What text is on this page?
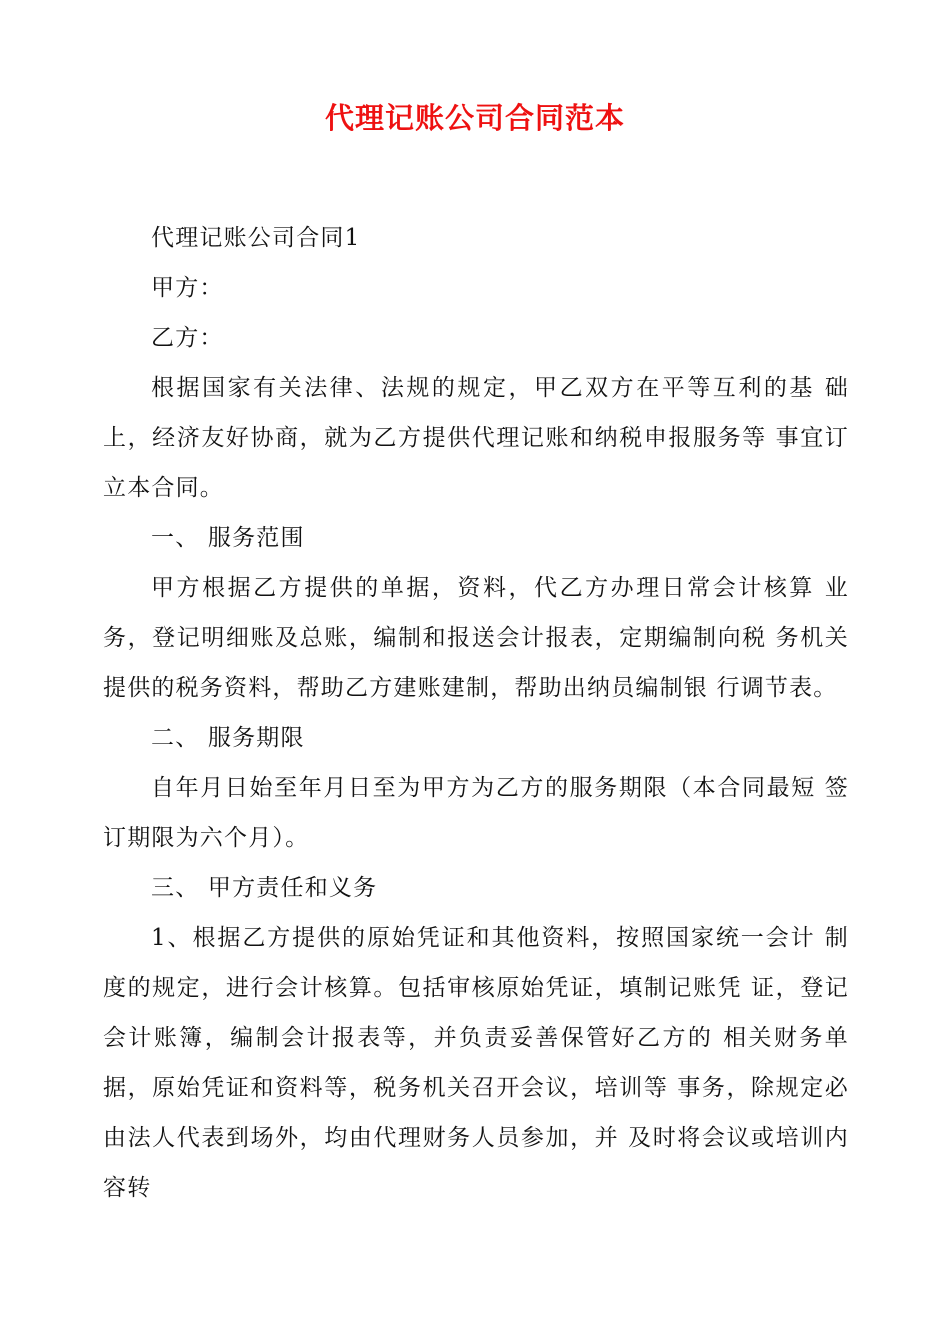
代理记账公司合同范本

代理记账公司合同1

甲方：

乙方：

根据国家有关法律、法规的规定，甲乙双方在平等互利的基 础上，经济友好协商，就为乙方提供代理记账和纳税申报服务等 事宜订立本合同。

一、 服务范围

甲方根据乙方提供的单据，资料，代乙方办理日常会计核算 业务，登记明细账及总账，编制和报送会计报表，定期编制向税 务机关提供的税务资料，帮助乙方建账建制，帮助出纳员编制银 行调节表。

二、 服务期限

自年月日始至年月日至为甲方为乙方的服务期限（本合同最短 签订期限为六个月）。

三、 甲方责任和义务

1、根据乙方提供的原始凭证和其他资料，按照国家统一会计 制度的规定，进行会计核算。包括审核原始凭证，填制记账凭 证，登记会计账簿，编制会计报表等，并负责妥善保管好乙方的 相关财务单据，原始凭证和资料等，税务机关召开会议，培训等 事务，除规定必由法人代表到场外，均由代理财务人员参加，并 及时将会议或培训内容转
